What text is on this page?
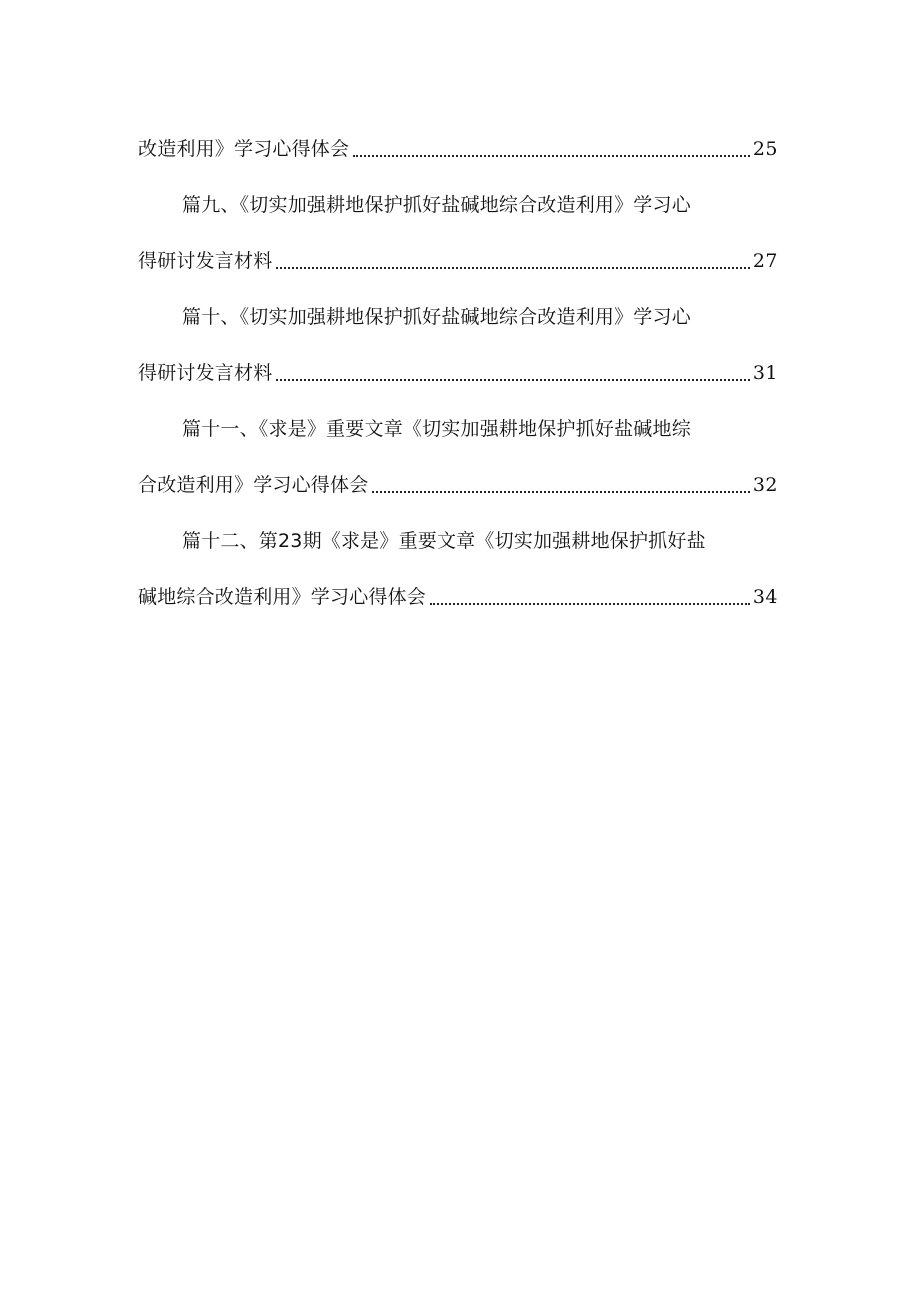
改造利用》学习心得体会	25
篇九、《切实加强耕地保护抓好盐碱地综合改造利用》学习心
得研讨发言材料	27
篇十、《切实加强耕地保护抓好盐碱地综合改造利用》学习心
得研讨发言材料	31
篇十一、《求是》重要文章《切实加强耕地保护抓好盐碱地综
合改造利用》学习心得体会	32
篇十二、第23期《求是》重要文章《切实加强耕地保护抓好盐
碱地综合改造利用》学习心得体会	34
